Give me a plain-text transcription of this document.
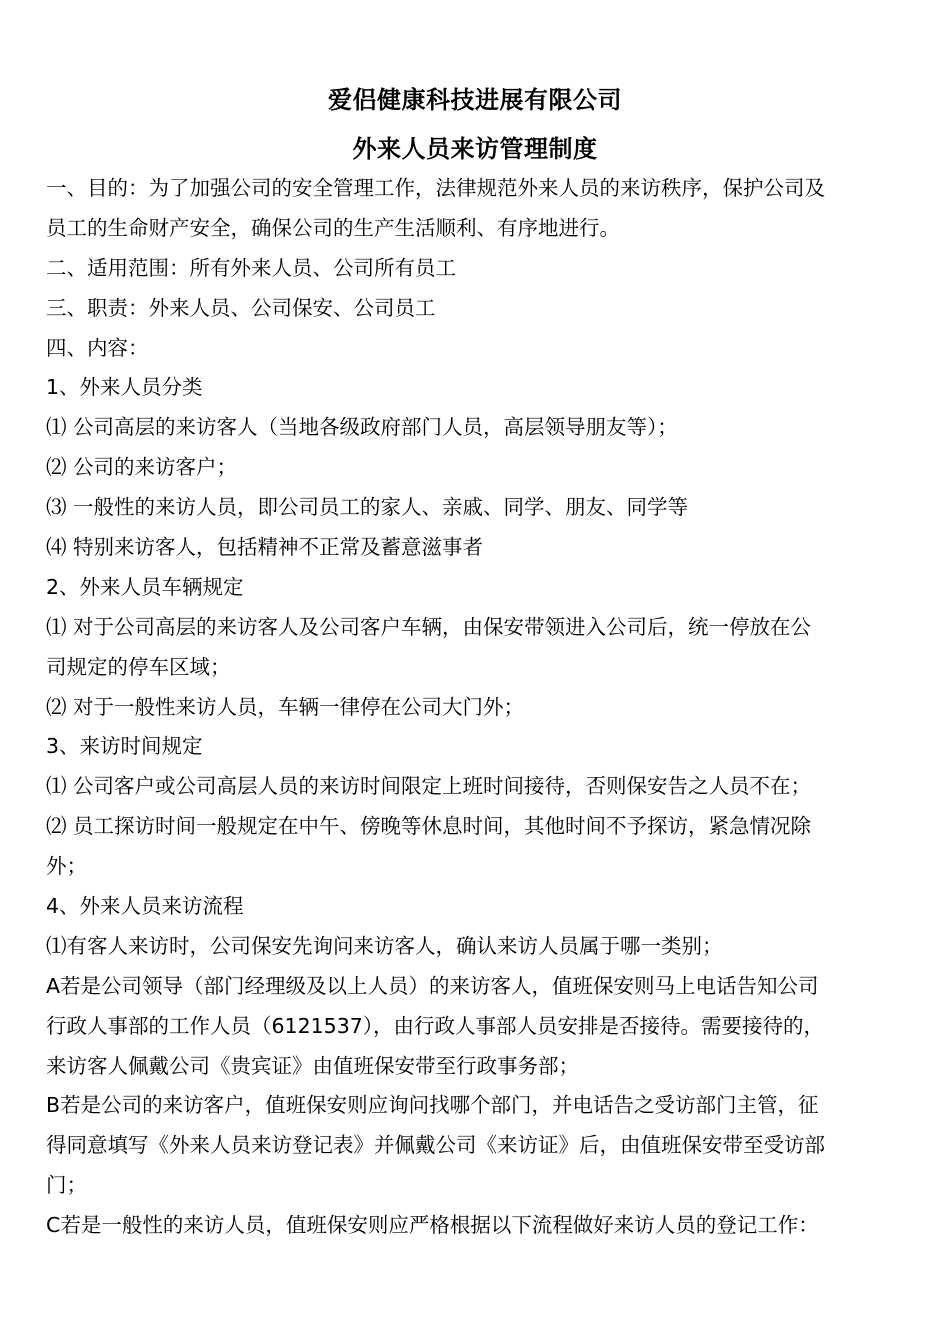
爱侣健康科技进展有限公司
外来人员来访管理制度
一、目的：为了加强公司的安全管理工作，法律规范外来人员的来访秩序，保护公司及
员工的生命财产安全，确保公司的生产生活顺利、有序地进行。
二、适用范围：所有外来人员、公司所有员工
三、职责：外来人员、公司保安、公司员工
四、内容：
1、外来人员分类
⑴ 公司高层的来访客人（当地各级政府部门人员，高层领导朋友等）；
⑵ 公司的来访客户；
⑶ 一般性的来访人员，即公司员工的家人、亲戚、同学、朋友、同学等
⑷ 特别来访客人，包括精神不正常及蓄意滋事者
2、外来人员车辆规定
⑴ 对于公司高层的来访客人及公司客户车辆，由保安带领进入公司后，统一停放在公
司规定的停车区域；
⑵ 对于一般性来访人员，车辆一律停在公司大门外；
3、来访时间规定
⑴ 公司客户或公司高层人员的来访时间限定上班时间接待，否则保安告之人员不在；
⑵ 员工探访时间一般规定在中午、傍晚等休息时间，其他时间不予探访，紧急情况除
外；
4、外来人员来访流程
⑴有客人来访时，公司保安先询问来访客人，确认来访人员属于哪一类别；
A若是公司领导（部门经理级及以上人员）的来访客人，值班保安则马上电话告知公司
行政人事部的工作人员（6121537），由行政人事部人员安排是否接待。需要接待的，
来访客人佩戴公司《贵宾证》由值班保安带至行政事务部；
B若是公司的来访客户，值班保安则应询问找哪个部门，并电话告之受访部门主管，征
得同意填写《外来人员来访登记表》并佩戴公司《来访证》后，由值班保安带至受访部
门；
C若是一般性的来访人员，值班保安则应严格根据以下流程做好来访人员的登记工作：
